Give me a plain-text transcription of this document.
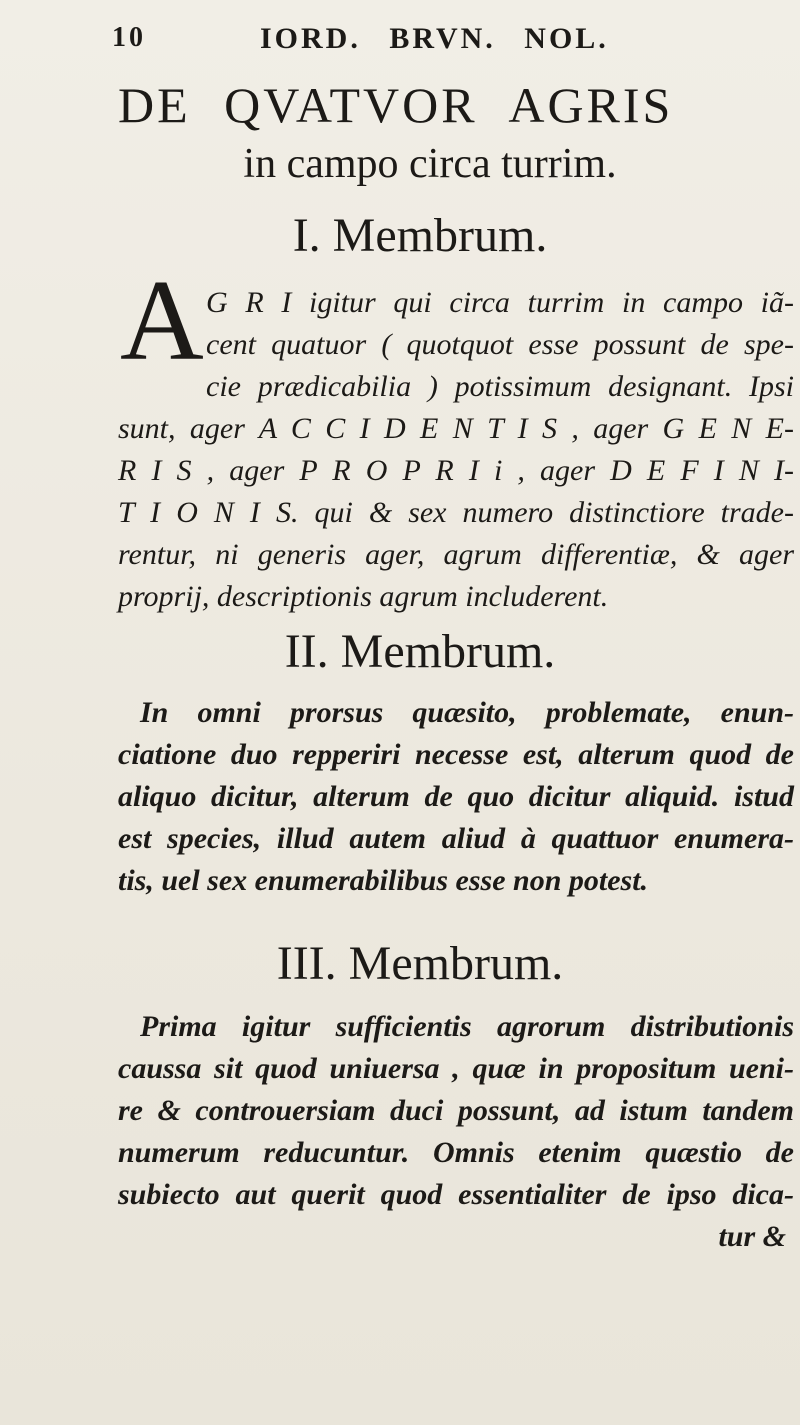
10	IORD. BRVN. NOL.
DE QVATVOR AGRIS
in campo circa turrim.
I. Membrum.
A G R I igitur qui circa turrim in campo iã-
cent quatuor ( quotquot esse possunt de spe-
cie prædicabilia ) potissimum designant. Ipsi
sunt, ager A C C I D E N T I S , ager G E N E-
R I S , ager P R O P R I i , ager D E F I N I-
T I O N I S. qui & sex numero distinctiore trade-
rentur, ni generis ager, agrum differentiæ, & ager
proprij, descriptionis agrum includerent.
II. Membrum.
In omni prorsus quæsito, problemate, enun-
ciatione duo repperiri necesse est, alterum quod de
aliquo dicitur, alterum de quo dicitur aliquid. istud
est species, illud autem aliud à quattuor enumera-
tis, uel sex enumerabilibus esse non potest.
III. Membrum.
Prima igitur sufficientis agrorum distributionis
caussa sit quod uniuersa , quæ in propositum ueni-
re & controuersiam duci possunt, ad istum tandem
numerum reducuntur. Omnis etenim quæstio de
subiecto aut querit quod essentialiter de ipso dica-
tur &
